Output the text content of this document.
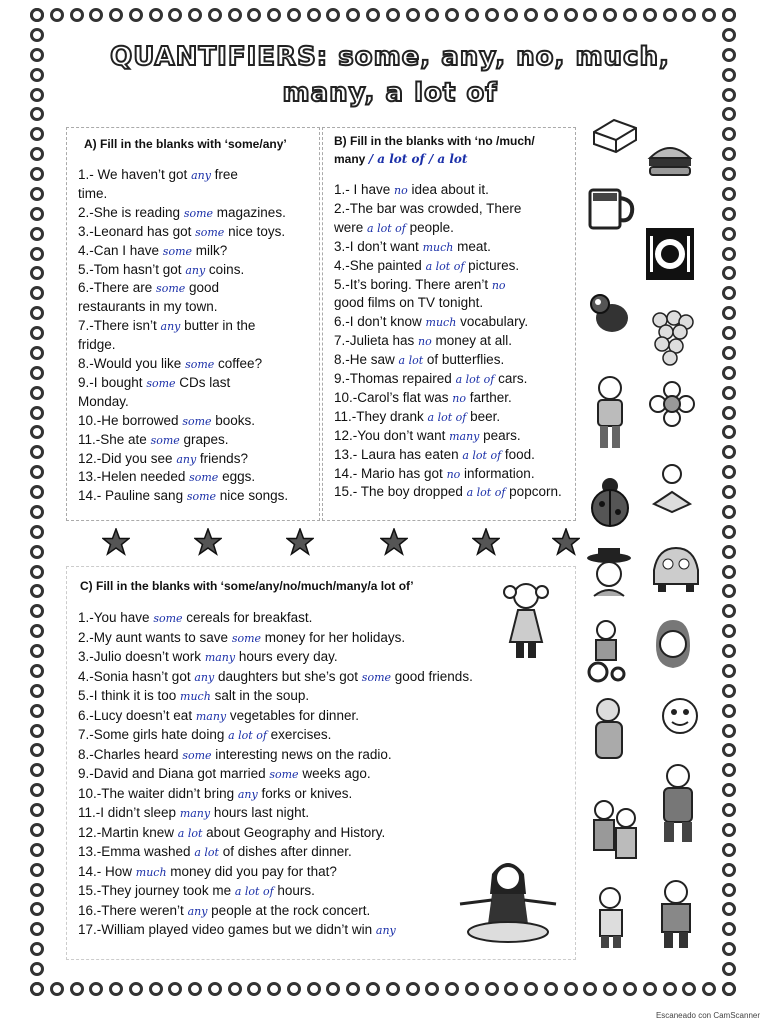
QUANTIFIERS: some, any, no, much,
many, a lot of
A) Fill in the blanks with ‘some/any’	B) Fill in the blanks with ‘no /much/
many / a lot of / a lot
C) Fill in the blanks with ‘some/any/no/much/many/a lot of’
1.- We haven’t got any free
time.
2.-She is reading some magazines.
3.-Leonard has got some nice toys.
4.-Can I have some milk?
5.-Tom hasn’t got any coins.
6.-There are some good
restaurants in my town.
7.-There isn’t any butter in the
fridge.
8.-Would you like some coffee?
9.-I bought some CDs last
Monday.
10.-He borrowed some books.
11.-She ate some grapes.
12.-Did you see any friends?
13.-Helen needed some eggs.
14.- Pauline sang some nice songs.
1.- I have no idea about it.
2.-The bar was crowded, There
were a lot of people.
3.-I don’t want much meat.
4.-She painted a lot of pictures.
5.-It’s boring. There aren’t no
good films on TV tonight.
6.-I don’t know much vocabulary.
7.-Julieta has no money at all.
8.-He saw a lot of butterflies.
9.-Thomas repaired a lot of cars.
10.-Carol’s flat was no farther.
11.-They drank a lot of beer.
12.-You don’t want many pears.
13.- Laura has eaten a lot of food.
14.- Mario has got no information.
15.- The boy dropped a lot of popcorn.
1.-You have some cereals for breakfast.
2.-My aunt wants to save some money for her holidays.
3.-Julio doesn’t work many hours every day.
4.-Sonia hasn’t got any daughters but she’s got some good friends.
5.-I think it is too much salt in the soup.
6.-Lucy doesn’t eat many vegetables for dinner.
7.-Some girls hate doing a lot of exercises.
8.-Charles heard some interesting news on the radio.
9.-David and Diana got married some weeks ago.
10.-The waiter didn’t bring any forks or knives.
11.-I didn’t sleep many hours last night.
12.-Martin knew a lot about Geography and History.
13.-Emma washed a lot of dishes after dinner.
14.- How much money did you pay for that?
15.-They journey took me a lot of hours.
16.-There weren’t any people at the rock concert.
17.-William played video games but we didn’t win any
Escaneado con CamScanner
